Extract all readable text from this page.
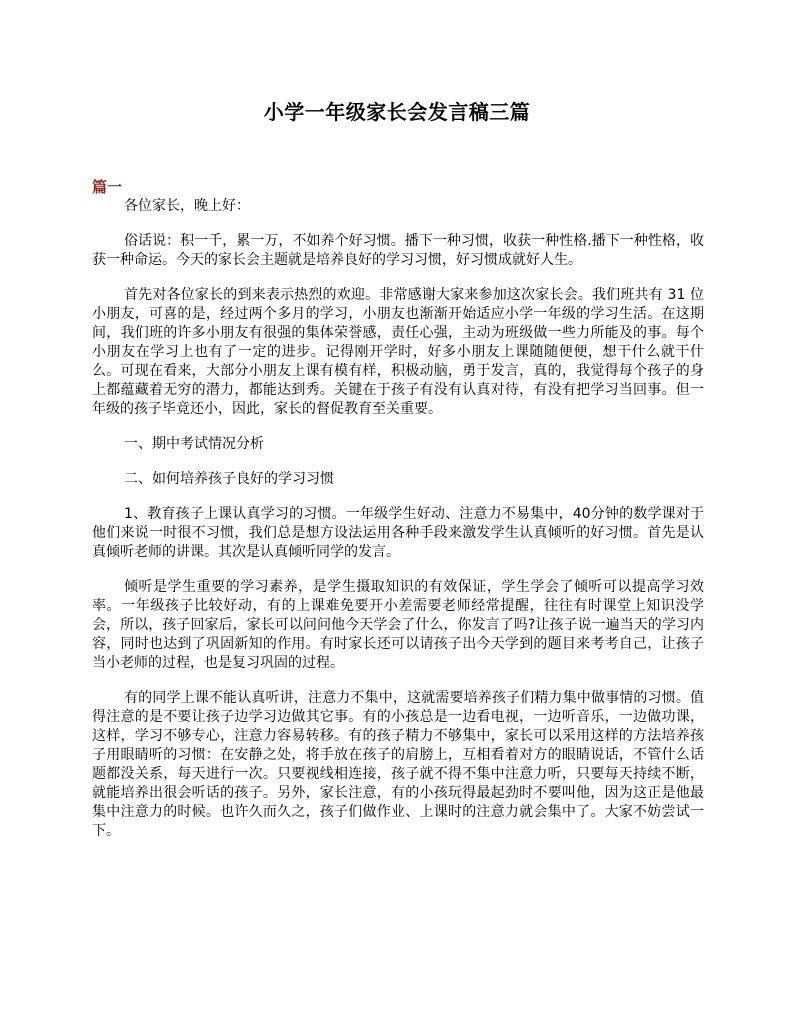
小学一年级家长会发言稿三篇
篇一

各位家长，晚上好：

俗话说：积一千，累一万，不如养个好习惯。播下一种习惯，收获一种性格.播下一种性格，收获一种命运。今天的家长会主题就是培养良好的学习习惯，好习惯成就好人生。

首先对各位家长的到来表示热烈的欢迎。非常感谢大家来参加这次家长会。我们班共有 31 位小朋友，可喜的是，经过两个多月的学习，小朋友也渐渐开始适应小学一年级的学习生活。在这期间，我们班的许多小朋友有很强的集体荣誉感，责任心强，主动为班级做一些力所能及的事。每个小朋友在学习上也有了一定的进步。记得刚开学时，好多小朋友上课随随便便，想干什么就干什么。可现在看来，大部分小朋友上课有模有样，积极动脑，勇于发言，真的，我觉得每个孩子的身上都蕴藏着无穷的潜力，都能达到秀。关键在于孩子有没有认真对待，有没有把学习当回事。但一年级的孩子毕竟还小，因此，家长的督促教育至关重要。

一、期中考试情况分析

二、如何培养孩子良好的学习习惯

1、教育孩子上课认真学习的习惯。一年级学生好动、注意力不易集中，40分钟的数学课对于他们来说一时很不习惯，我们总是想方设法运用各种手段来激发学生认真倾听的好习惯。首先是认真倾听老师的讲课。其次是认真倾听同学的发言。

倾听是学生重要的学习素养，是学生摄取知识的有效保证，学生学会了倾听可以提高学习效率。一年级孩子比较好动，有的上课难免要开小差需要老师经常提醒，往往有时课堂上知识没学会，所以，孩子回家后，家长可以问问他今天学会了什么，你发言了吗?让孩子说一遍当天的学习内容，同时也达到了巩固新知的作用。有时家长还可以请孩子出今天学到的题目来考考自己，让孩子当小老师的过程，也是复习巩固的过程。

有的同学上课不能认真听讲，注意力不集中，这就需要培养孩子们精力集中做事情的习惯。值得注意的是不要让孩子边学习边做其它事。有的小孩总是一边看电视，一边听音乐，一边做功课，这样，学习不够专心，注意力容易转移。有的孩子精力不够集中，家长可以采用这样的方法培养孩子用眼睛听的习惯：在安静之处，将手放在孩子的肩膀上，互相看着对方的眼睛说话，不管什么话题都没关系，每天进行一次。只要视线相连接，孩子就不得不集中注意力听，只要每天持续不断，就能培养出很会听话的孩子。另外，家长注意，有的小孩玩得最起劲时不要叫他，因为这正是他最集中注意力的时候。也许久而久之，孩子们做作业、上课时的注意力就会集中了。大家不妨尝试一下。
